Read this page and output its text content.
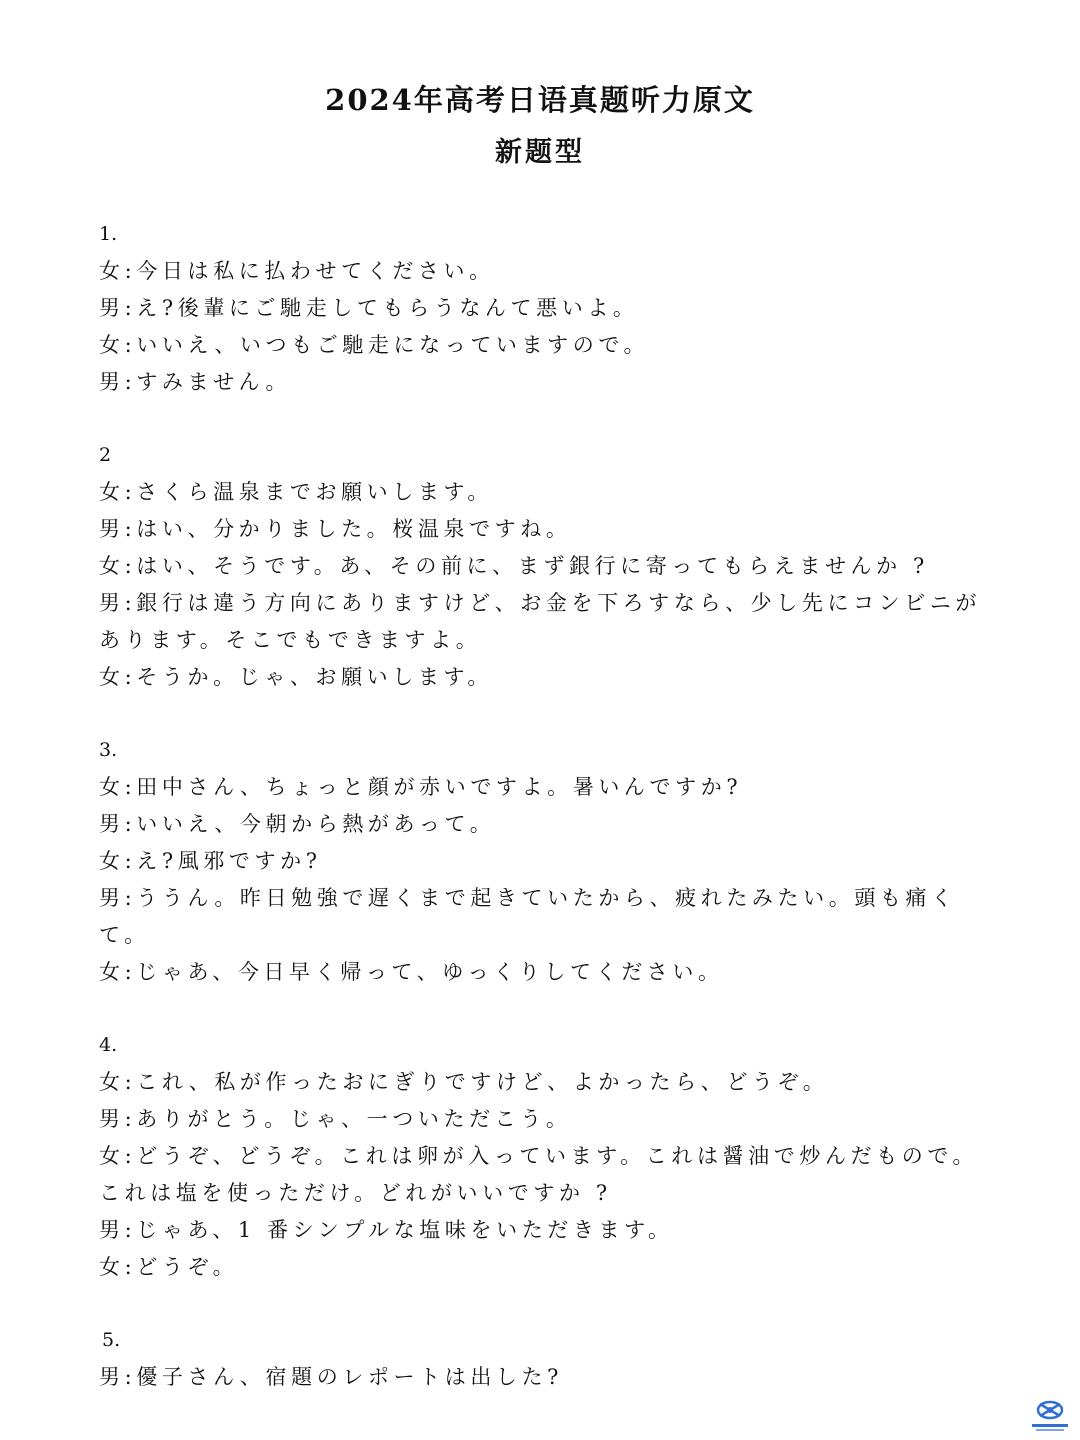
2024年高考日语真题听力原文
新题型
1.
女:今日は私に払わせてください。
男:え?後輩にご馳走してもらうなんて悪いよ。
女:いいえ、いつもご馳走になっていますので。
男:すみません。
2
女:さくら温泉までお願いします。
男:はい、分かりました。桜温泉ですね。
女:はい、そうです。あ、その前に、まず銀行に寄ってもらえませんか ?
男:銀行は違う方向にありますけど、お金を下ろすなら、少し先にコンビニがあります。そこでもできますよ。
女:そうか。じゃ、お願いします。
3.
女:田中さん、ちょっと顔が赤いですよ。暑いんですか?
男:いいえ、今朝から熱があって。
女:え?風邪ですか?
男:ううん。昨日勉強で遅くまで起きていたから、疲れたみたい。頭も痛くて。
女:じゃあ、今日早く帰って、ゆっくりしてください。
4.
女:これ、私が作ったおにぎりですけど、よかったら、どうぞ。
男:ありがとう。じゃ、一ついただこう。
女:どうぞ、どうぞ。これは卵が入っています。これは醤油で炒んだもので。これは塩を使っただけ。どれがいいですか ?
男:じゃあ、1 番シンプルな塩味をいただきます。
女:どうぞ。
5.
男:優子さん、宿題のレポートは出した?
